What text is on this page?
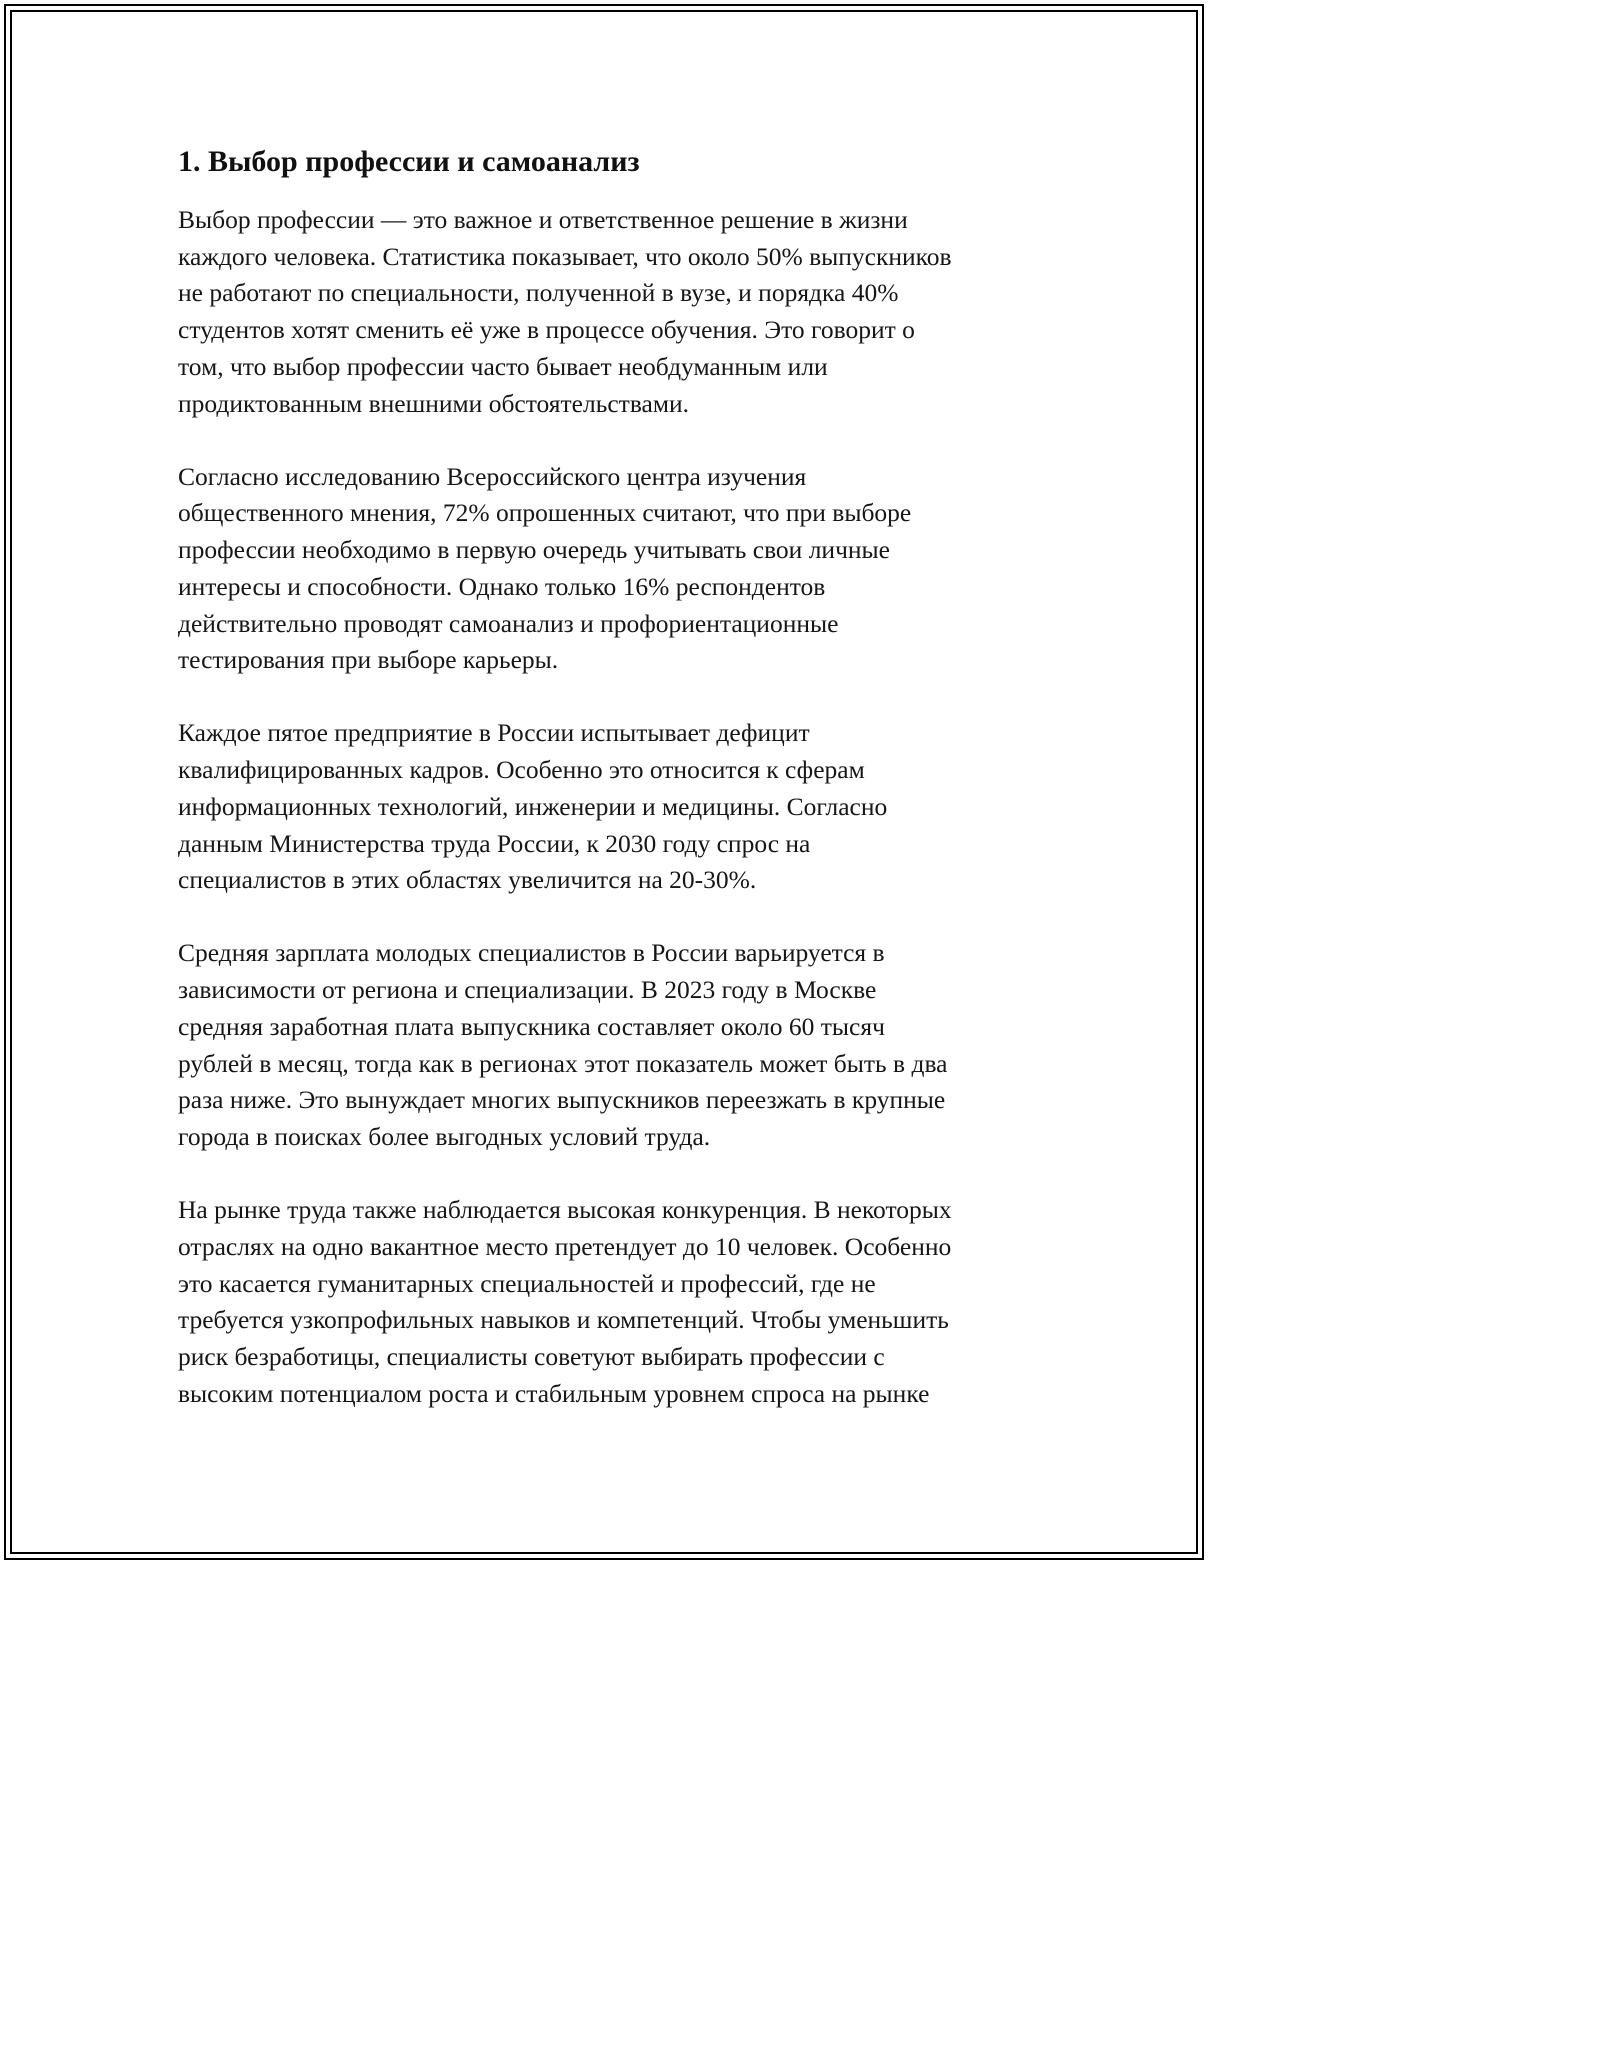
1. Выбор профессии и самоанализ

Выбор профессии — это важное и ответственное решение в жизни
каждого человека. Статистика показывает, что около 50% выпускников
не работают по специальности, полученной в вузе, и порядка 40%
студентов хотят сменить её уже в процессе обучения. Это говорит о
том, что выбор профессии часто бывает необдуманным или
продиктованным внешними обстоятельствами.

Согласно исследованию Всероссийского центра изучения
общественного мнения, 72% опрошенных считают, что при выборе
профессии необходимо в первую очередь учитывать свои личные
интересы и способности. Однако только 16% респондентов
действительно проводят самоанализ и профориентационные
тестирования при выборе карьеры.

Каждое пятое предприятие в России испытывает дефицит
квалифицированных кадров. Особенно это относится к сферам
информационных технологий, инженерии и медицины. Согласно
данным Министерства труда России, к 2030 году спрос на
специалистов в этих областях увеличится на 20-30%.

Средняя зарплата молодых специалистов в России варьируется в
зависимости от региона и специализации. В 2023 году в Москве
средняя заработная плата выпускника составляет около 60 тысяч
рублей в месяц, тогда как в регионах этот показатель может быть в два
раза ниже. Это вынуждает многих выпускников переезжать в крупные
города в поисках более выгодных условий труда.

На рынке труда также наблюдается высокая конкуренция. В некоторых
отраслях на одно вакантное место претендует до 10 человек. Особенно
это касается гуманитарных специальностей и профессий, где не
требуется узкопрофильных навыков и компетенций. Чтобы уменьшить
риск безработицы, специалисты советуют выбирать профессии с
высоким потенциалом роста и стабильным уровнем спроса на рынке
